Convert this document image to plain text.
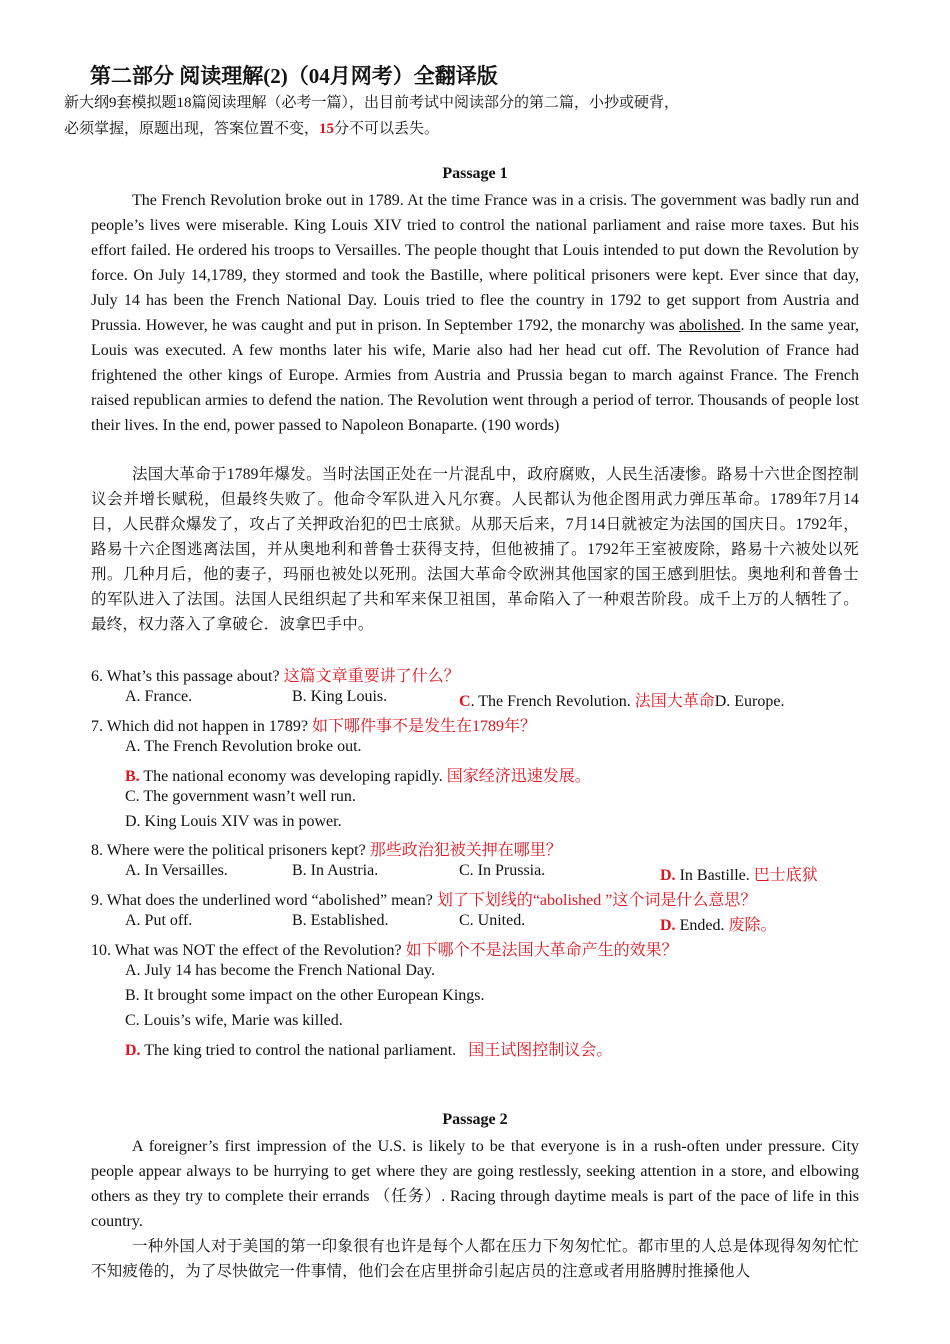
第二部分 阅读理解(2)（04月网考）全翻译版
新大纲9套模拟题18篇阅读理解（必考一篇），出目前考试中阅读部分的第二篇，小抄或硬背，
必须掌握，原题出现，答案位置不变，15分不可以丢失。
Passage 1

The French Revolution broke out in 1789. At the time France was in a crisis. The government was badly run and people’s lives were miserable. King Louis XIV tried to control the national parliament and raise more taxes. But his effort failed. He ordered his troops to Versailles. The people thought that Louis intended to put down the Revolution by force. On July 14,1789, they stormed and took the Bastille, where political prisoners were kept. Ever since that day, July 14 has been the French National Day. Louis tried to flee the country in 1792 to get support from Austria and Prussia. However, he was caught and put in prison. In September 1792, the monarchy was abolished. In the same year, Louis was executed. A few months later his wife, Marie also had her head cut off. The Revolution of France had frightened the other kings of Europe. Armies from Austria and Prussia began to march against France. The French raised republican armies to defend the nation. The Revolution went through a period of terror. Thousands of people lost their lives. In the end, power passed to Napoleon Bonaparte. (190 words)

法国大革命于1789年爆发。当时法国正处在一片混乱中，政府腐败，人民生活凄惨。路易十六世企图控制议会并增长赋税，但最终失败了。他命令军队进入凡尔赛。人民都认为他企图用武力弹压革命。1789年7月14日，人民群众爆发了，攻占了关押政治犯的巴士底狱。从那天后来，7月14日就被定为法国的国庆日。1792年，路易十六企图逃离法国，并从奥地利和普鲁士获得支持，但他被捕了。1792年王室被废除，路易十六被处以死刑。几种月后，他的妻子，玛丽也被处以死刑。法国大革命令欧洲其他国家的国王感到胆怯。奥地利和普鲁士的军队进入了法国。法国人民组织起了共和军来保卫祖国，革命陷入了一种艰苦阶段。成千上万的人牺牲了。最终，权力落入了拿破仑．波拿巴手中。

6. What’s this passage about? 这篇文章重要讲了什么？
A. France.	B. King Louis.	C. The French Revolution. 法国大革命D. Europe.
7. Which did not happen in 1789? 如下哪件事不是发生在1789年？
A. The French Revolution broke out.
B. The national economy was developing rapidly. 国家经济迅速发展。
C. The government wasn’t well run.
D. King Louis XIV was in power.
8. Where were the political prisoners kept? 那些政治犯被关押在哪里？
A. In Versailles.	B. In Austria.	C. In Prussia.	D. In Bastille. 巴士底狱
9. What does the underlined word “abolished” mean? 划了下划线的“abolished ”这个词是什么意思？
A. Put off.	B. Established.	C. United.	D. Ended. 废除。
10. What was NOT the effect of the Revolution? 如下哪个不是法国大革命产生的效果？
A. July 14 has become the French National Day.
B. It brought some impact on the other European Kings.
C. Louis’s wife, Marie was killed.
D. The king tried to control the national parliament. 国王试图控制议会。
Passage 2

A foreigner’s first impression of the U.S. is likely to be that everyone is in a rush-often under pressure. City people appear always to be hurrying to get where they are going restlessly, seeking attention in a store, and elbowing others as they try to complete their errands （任务）. Racing through daytime meals is part of the pace of life in this country.

一种外国人对于美国的第一印象很有也许是每个人都在压力下匆匆忙忙。都市里的人总是体现得匆匆忙忙不知疲倦的，为了尽快做完一件事情，他们会在店里拼命引起店员的注意或者用胳膊肘推搡他人
